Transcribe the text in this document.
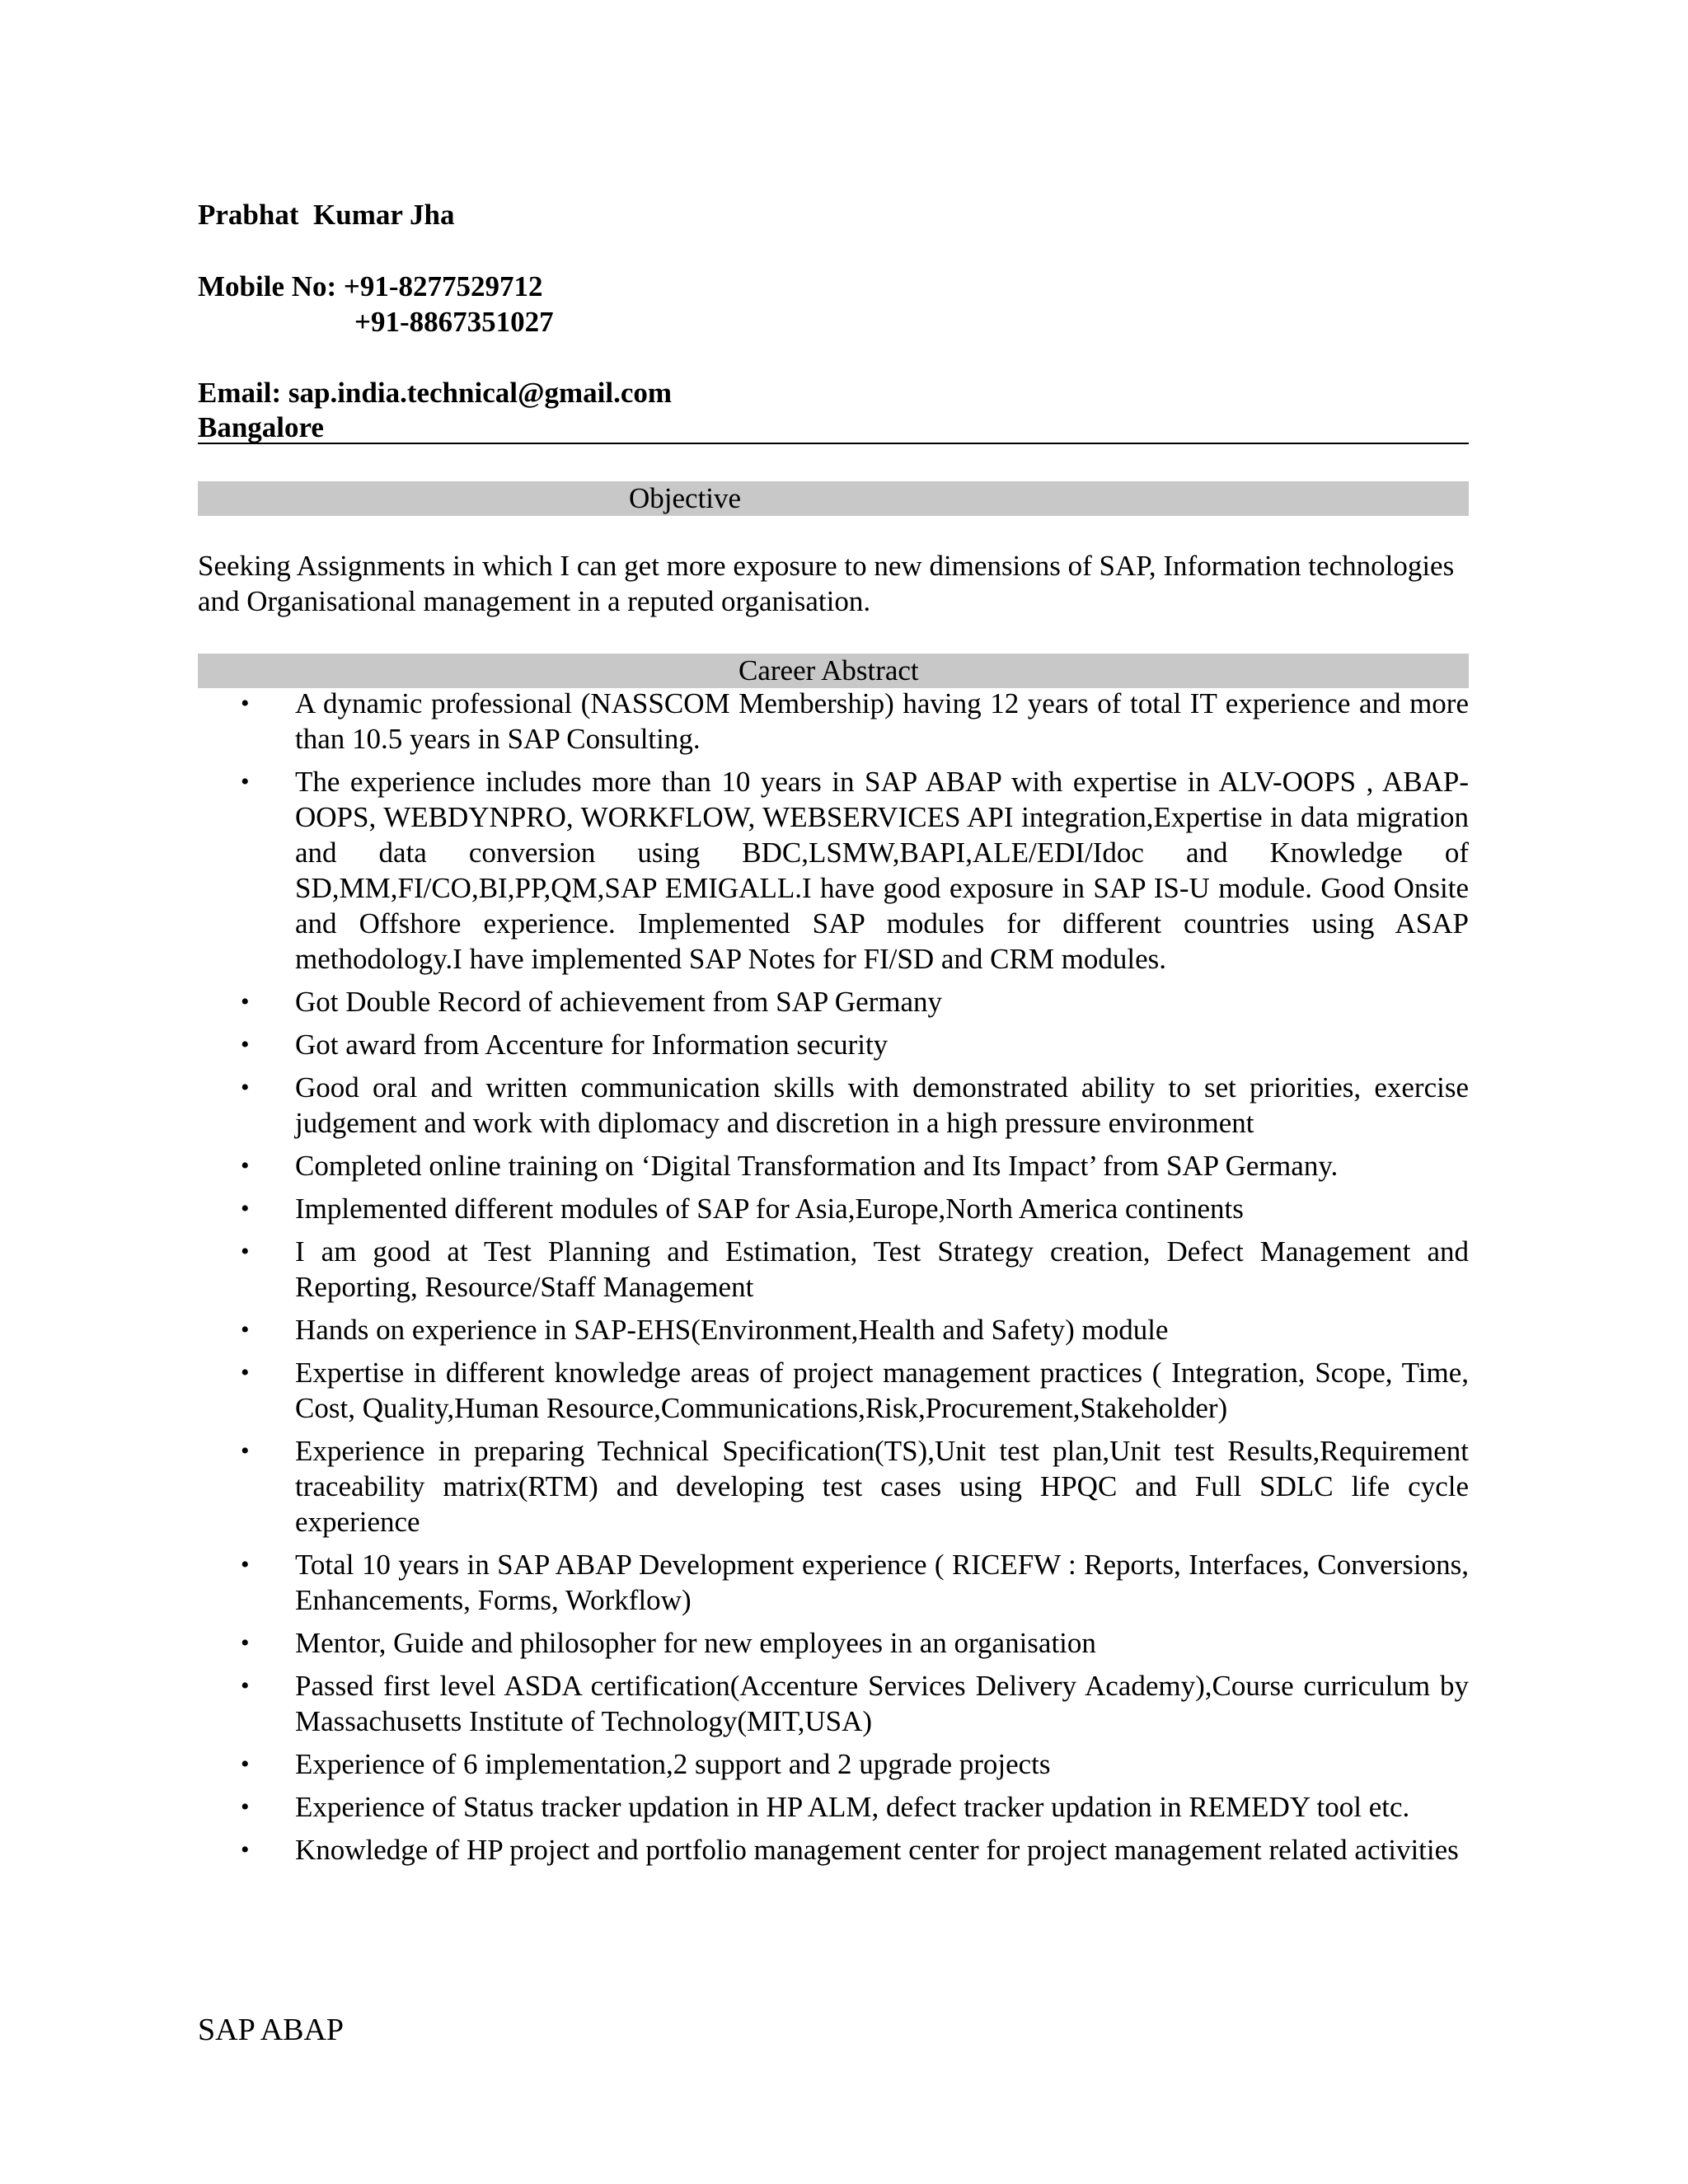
Prabhat  Kumar Jha
Mobile No: +91-8277529712
+91-8867351027
Email: sap.india.technical@gmail.com
Bangalore
Objective
Seeking Assignments in which I can get more exposure to new dimensions of SAP, Information technologies and Organisational management in a reputed organisation.
Career Abstract
• A dynamic professional (NASSCOM Membership) having 12 years of total IT experience and more than 10.5 years in SAP Consulting.
• The experience includes more than 10 years in SAP ABAP with expertise in ALV-OOPS , ABAP-OOPS, WEBDYNPRO, WORKFLOW, WEBSERVICES API integration,Expertise in data migration and data conversion using BDC,LSMW,BAPI,ALE/EDI/Idoc and Knowledge of SD,MM,FI/CO,BI,PP,QM,SAP EMIGALL.I have good exposure in SAP IS-U module. Good Onsite and Offshore experience. Implemented SAP modules for different countries using ASAP methodology.I have implemented SAP Notes for FI/SD and CRM modules.
• Got Double Record of achievement from SAP Germany
• Got award from Accenture for Information security
• Good oral and written communication skills with demonstrated ability to set priorities, exercise judgement and work with diplomacy and discretion in a high pressure environment
• Completed online training on ‘Digital Transformation and Its Impact’ from SAP Germany.
• Implemented different modules of SAP for Asia,Europe,North America continents
• I am good at Test Planning and Estimation, Test Strategy creation, Defect Management and Reporting, Resource/Staff Management
• Hands on experience in SAP-EHS(Environment,Health and Safety) module
• Expertise in different knowledge areas of project management practices ( Integration, Scope, Time, Cost, Quality,Human Resource,Communications,Risk,Procurement,Stakeholder)
• Experience in preparing Technical Specification(TS),Unit test plan,Unit test Results,Requirement traceability matrix(RTM) and developing test cases using HPQC and Full SDLC life cycle experience
• Total 10 years in SAP ABAP Development experience ( RICEFW : Reports, Interfaces, Conversions, Enhancements, Forms, Workflow)
• Mentor, Guide and philosopher for new employees in an organisation
• Passed first level ASDA certification(Accenture Services Delivery Academy),Course curriculum by Massachusetts Institute of Technology(MIT,USA)
• Experience of 6 implementation,2 support and 2 upgrade projects
• Experience of Status tracker updation in HP ALM, defect tracker updation in REMEDY tool etc.
• Knowledge of HP project and portfolio management center for project management related activities
SAP ABAP
